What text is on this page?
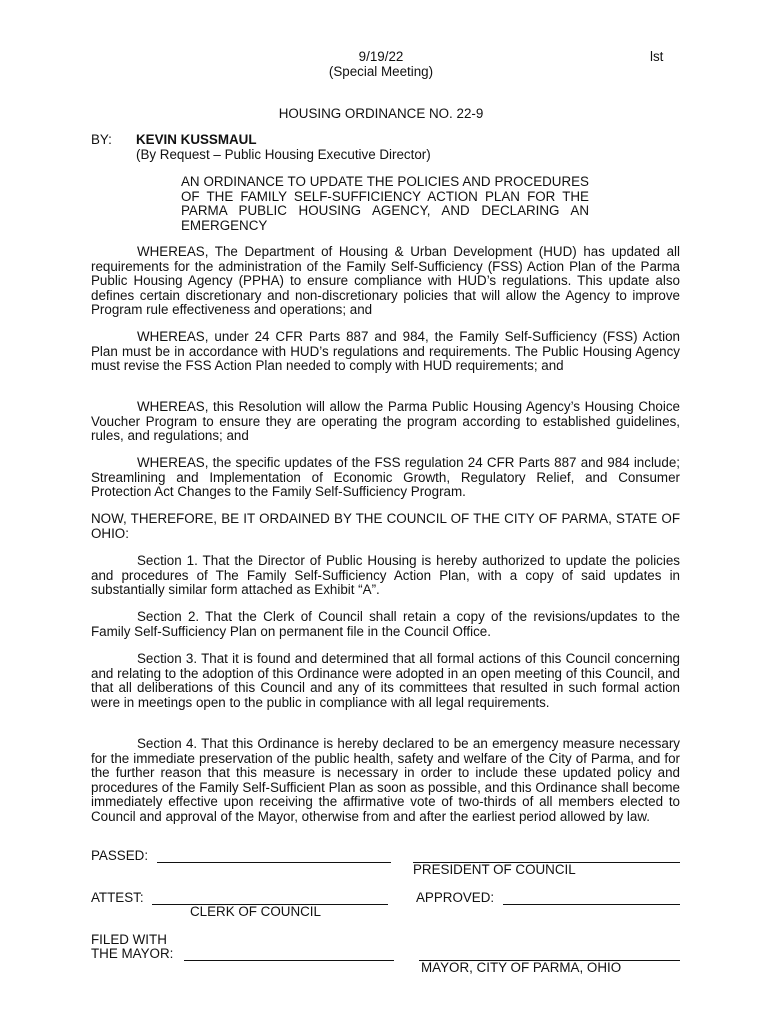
9/19/22
(Special Meeting)
lst
HOUSING ORDINANCE NO. 22-9
BY: KEVIN KUSSMAUL
(By Request – Public Housing Executive Director)
AN ORDINANCE TO UPDATE THE POLICIES AND PROCEDURES OF THE FAMILY SELF-SUFFICIENCY ACTION PLAN FOR THE PARMA PUBLIC HOUSING AGENCY, AND DECLARING AN EMERGENCY
WHEREAS, The Department of Housing & Urban Development (HUD) has updated all requirements for the administration of the Family Self-Sufficiency (FSS) Action Plan of the Parma Public Housing Agency (PPHA) to ensure compliance with HUD’s regulations. This update also defines certain discretionary and non-discretionary policies that will allow the Agency to improve Program rule effectiveness and operations; and
WHEREAS, under 24 CFR Parts 887 and 984, the Family Self-Sufficiency (FSS) Action Plan must be in accordance with HUD’s regulations and requirements. The Public Housing Agency must revise the FSS Action Plan needed to comply with HUD requirements; and
WHEREAS, this Resolution will allow the Parma Public Housing Agency’s Housing Choice Voucher Program to ensure they are operating the program according to established guidelines, rules, and regulations; and
WHEREAS, the specific updates of the FSS regulation 24 CFR Parts 887 and 984 include; Streamlining and Implementation of Economic Growth, Regulatory Relief, and Consumer Protection Act Changes to the Family Self-Sufficiency Program.
NOW, THEREFORE, BE IT ORDAINED BY THE COUNCIL OF THE CITY OF PARMA, STATE OF OHIO:
Section 1. That the Director of Public Housing is hereby authorized to update the policies and procedures of The Family Self-Sufficiency Action Plan, with a copy of said updates in substantially similar form attached as Exhibit “A”.
Section 2. That the Clerk of Council shall retain a copy of the revisions/updates to the Family Self-Sufficiency Plan on permanent file in the Council Office.
Section 3. That it is found and determined that all formal actions of this Council concerning and relating to the adoption of this Ordinance were adopted in an open meeting of this Council, and that all deliberations of this Council and any of its committees that resulted in such formal action were in meetings open to the public in compliance with all legal requirements.
Section 4. That this Ordinance is hereby declared to be an emergency measure necessary for the immediate preservation of the public health, safety and welfare of the City of Parma, and for the further reason that this measure is necessary in order to include these updated policy and procedures of the Family Self-Sufficient Plan as soon as possible, and this Ordinance shall become immediately effective upon receiving the affirmative vote of two-thirds of all members elected to Council and approval of the Mayor, otherwise from and after the earliest period allowed by law.
PASSED:
PRESIDENT OF COUNCIL
ATTEST:	APPROVED:
CLERK OF COUNCIL
FILED WITH
THE MAYOR:
MAYOR, CITY OF PARMA, OHIO
